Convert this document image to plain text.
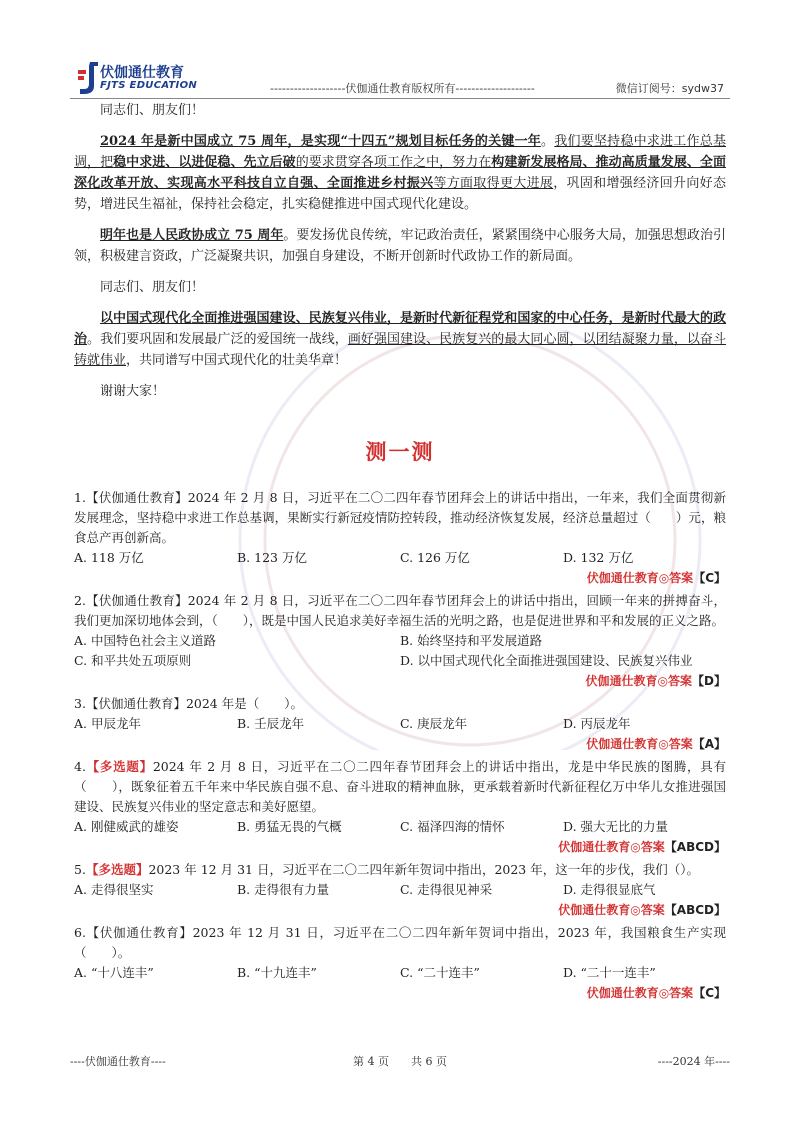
伏伽通仕教育
FJTS EDUCATION	-------------------伏伽通仕教育版权所有--------------------	微信订阅号：sydw37

同志们、朋友们！

2024 年是新中国成立 75 周年，是实现“十四五”规划目标任务的关键一年。我们要坚持稳中求进工作总基调，把稳中求进、以进促稳、先立后破的要求贯穿各项工作之中，努力在构建新发展格局、推动高质量发展、全面深化改革开放、实现高水平科技自立自强、全面推进乡村振兴等方面取得更大进展，巩固和增强经济回升向好态势，增进民生福祉，保持社会稳定，扎实稳健推进中国式现代化建设。

明年也是人民政协成立 75 周年。要发扬优良传统，牢记政治责任，紧紧围绕中心服务大局，加强思想政治引领，积极建言资政，广泛凝聚共识，加强自身建设，不断开创新时代政协工作的新局面。

同志们、朋友们！

以中国式现代化全面推进强国建设、民族复兴伟业，是新时代新征程党和国家的中心任务，是新时代最大的政治。我们要巩固和发展最广泛的爱国统一战线，画好强国建设、民族复兴的最大同心圆，以团结凝聚力量，以奋斗铸就伟业，共同谱写中国式现代化的壮美华章！

谢谢大家！

测一测
1.【伏伽通仕教育】2024 年 2 月 8 日，习近平在二〇二四年春节团拜会上的讲话中指出，一年来，我们全面贯彻新发展理念，坚持稳中求进工作总基调，果断实行新冠疫情防控转段，推动经济恢复发展，经济总量超过（　　）元，粮食总产再创新高。
A. 118 万亿	B. 123 万亿	C. 126 万亿	D. 132 万亿
伏伽通仕教育◎答案【C】
2.【伏伽通仕教育】2024 年 2 月 8 日，习近平在二〇二四年春节团拜会上的讲话中指出，回顾一年来的拼搏奋斗，我们更加深切地体会到，（　　），既是中国人民追求美好幸福生活的光明之路，也是促进世界和平和发展的正义之路。
A. 中国特色社会主义道路	B. 始终坚持和平发展道路
C. 和平共处五项原则	D. 以中国式现代化全面推进强国建设、民族复兴伟业
伏伽通仕教育◎答案【D】
3.【伏伽通仕教育】2024 年是（　　）。
A. 甲辰龙年	B. 壬辰龙年	C. 庚辰龙年	D. 丙辰龙年
伏伽通仕教育◎答案【A】
4.【多选题】2024 年 2 月 8 日，习近平在二〇二四年春节团拜会上的讲话中指出，龙是中华民族的图腾，具有（　　），既象征着五千年来中华民族自强不息、奋斗进取的精神血脉，更承载着新时代新征程亿万中华儿女推进强国建设、民族复兴伟业的坚定意志和美好愿望。
A. 刚健威武的雄姿	B. 勇猛无畏的气概	C. 福泽四海的情怀	D. 强大无比的力量
伏伽通仕教育◎答案【ABCD】
5.【多选题】2023 年 12 月 31 日，习近平在二〇二四年新年贺词中指出，2023 年，这一年的步伐，我们（）。
A. 走得很坚实	B. 走得很有力量	C. 走得很见神采	D. 走得很显底气
伏伽通仕教育◎答案【ABCD】
6.【伏伽通仕教育】2023 年 12 月 31 日，习近平在二〇二四年新年贺词中指出，2023 年，我国粮食生产实现（　　）。
A. “十八连丰”	B. “十九连丰”	C. “二十连丰”	D. “二十一连丰”
伏伽通仕教育◎答案【C】
----伏伽通仕教育----	第 4 页　　共 6 页	----2024 年----
